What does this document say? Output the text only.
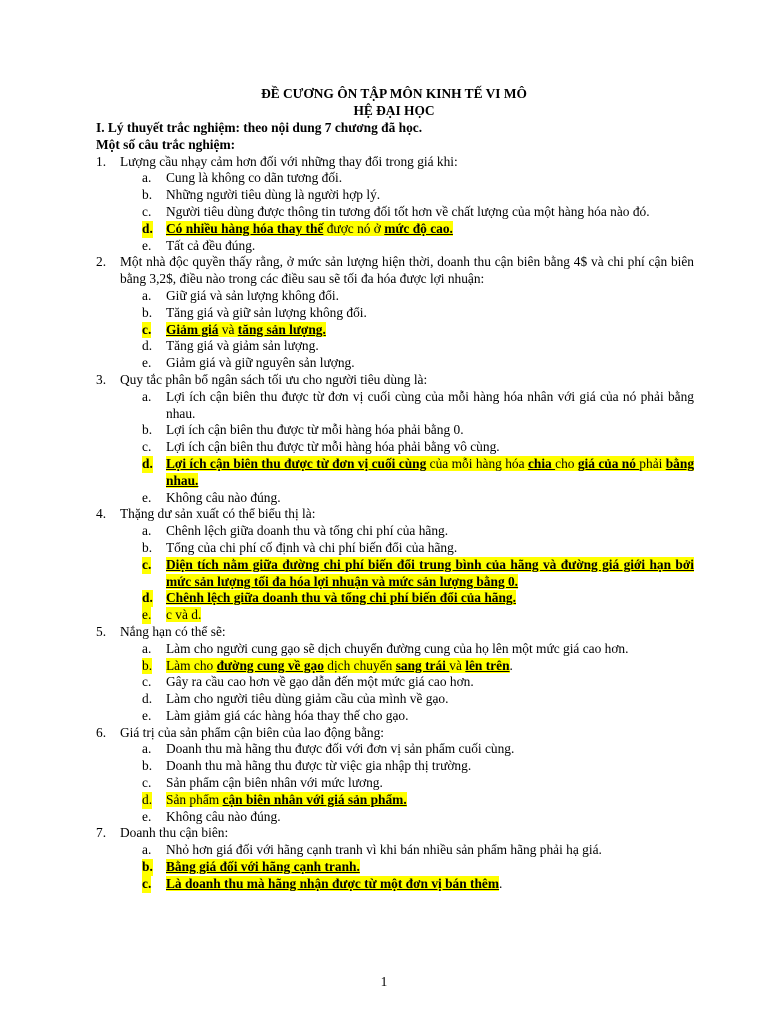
ĐỀ CƯƠNG ÔN TẬP MÔN KINH TẾ VI MÔ
HỆ ĐẠI HỌC
I. Lý thuyết trắc nghiệm: theo nội dung 7 chương đã học.
Một số câu trắc nghiệm:
1. Lượng cầu nhạy cảm hơn đối với những thay đổi trong giá khi:
a. Cung là không co dãn tương đối.
b. Những người tiêu dùng là người hợp lý.
c. Người tiêu dùng được thông tin tương đối tốt hơn về chất lượng của một hàng hóa nào đó.
d. Có nhiều hàng hóa thay thế được nó ở mức độ cao.
e. Tất cả đều đúng.
2. Một nhà độc quyền thấy rằng, ở mức sản lượng hiện thời, doanh thu cận biên bằng 4$ và chi phí cận biên bằng 3,2$, điều nào trong các điều sau sẽ tối đa hóa được lợi nhuận:
a. Giữ giá và sản lượng không đổi.
b. Tăng giá và giữ sản lượng không đổi.
c. Giảm giá và tăng sản lượng.
d. Tăng giá và giảm sản lượng.
e. Giảm giá và giữ nguyên sản lượng.
3. Quy tắc phân bổ ngân sách tối ưu cho người tiêu dùng là:
a. Lợi ích cận biên thu được từ đơn vị cuối cùng của mỗi hàng hóa nhân với giá của nó phải bằng nhau.
b. Lợi ích cận biên thu được từ mỗi hàng hóa phải bằng 0.
c. Lợi ích cận biên thu được từ mỗi hàng hóa phải bằng vô cùng.
d. Lợi ích cận biên thu được từ đơn vị cuối cùng của mỗi hàng hóa chia cho giá của nó phải bằng nhau.
e. Không câu nào đúng.
4. Thặng dư sản xuất có thể biểu thị là:
a. Chênh lệch giữa doanh thu và tổng chi phí của hãng.
b. Tổng của chi phí cố định và chi phí biến đổi của hãng.
c. Diện tích nằm giữa đường chi phí biến đổi trung bình của hãng và đường giá giới hạn bởi mức sản lượng tối đa hóa lợi nhuận và mức sản lượng bằng 0.
d. Chênh lệch giữa doanh thu và tổng chi phí biến đổi của hãng.
e. c và d.
5. Nắng hạn có thể sẽ:
a. Làm cho người cung gạo sẽ dịch chuyển đường cung của họ lên một mức giá cao hơn.
b. Làm cho đường cung về gạo dịch chuyển sang trái và lên trên.
c. Gây ra cầu cao hơn về gạo dẫn đến một mức giá cao hơn.
d. Làm cho người tiêu dùng giảm cầu của mình về gạo.
e. Làm giảm giá các hàng hóa thay thế cho gạo.
6. Giá trị của sản phẩm cận biên của lao động bằng:
a. Doanh thu mà hãng thu được đối với đơn vị sản phẩm cuối cùng.
b. Doanh thu mà hãng thu được từ việc gia nhập thị trường.
c. Sản phẩm cận biên nhân với mức lương.
d. Sản phẩm cận biên nhân với giá sản phẩm.
e. Không câu nào đúng.
7. Doanh thu cận biên:
a. Nhỏ hơn giá đối với hãng cạnh tranh vì khi bán nhiều sản phẩm hãng phải hạ giá.
b. Bằng giá đối với hãng cạnh tranh.
c. Là doanh thu mà hãng nhận được từ một đơn vị bán thêm.
1
